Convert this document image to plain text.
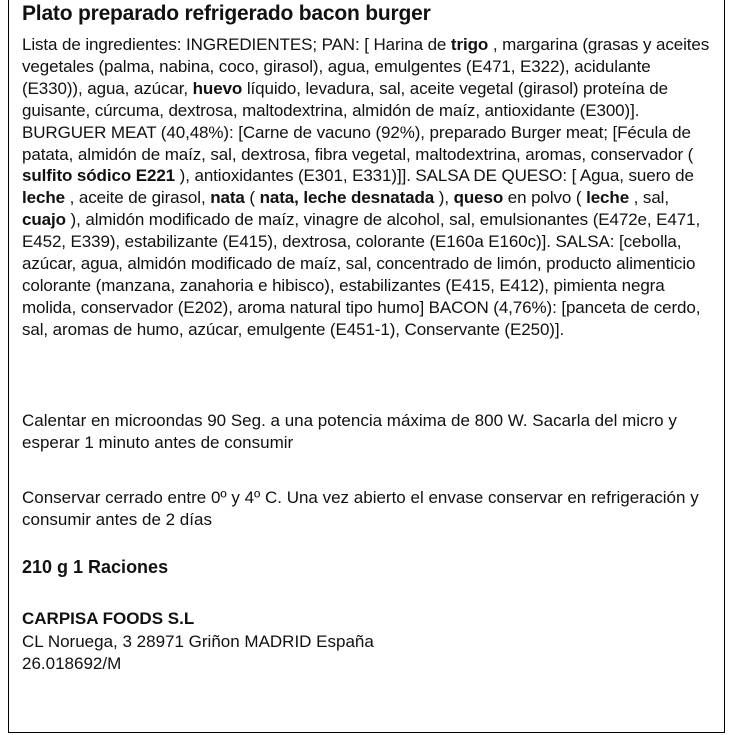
Plato preparado refrigerado bacon burger
Lista de ingredientes: INGREDIENTES; PAN: [ Harina de trigo , margarina (grasas y aceites vegetales (palma, nabina, coco, girasol), agua, emulgentes (E471, E322), acidulante (E330)), agua, azúcar, huevo líquido, levadura, sal, aceite vegetal (girasol) proteína de guisante, cúrcuma, dextrosa, maltodextrina, almidón de maíz, antioxidante (E300)]. BURGUER MEAT (40,48%): [Carne de vacuno (92%), preparado Burger meat; [Fécula de patata, almidón de maíz, sal, dextrosa, fibra vegetal, maltodextrina, aromas, conservador ( sulfito sódico E221 ), antioxidantes (E301, E331)]]. SALSA DE QUESO: [ Agua, suero de leche , aceite de girasol, nata ( nata, leche desnatada ), queso en polvo ( leche , sal, cuajo ), almidón modificado de maíz, vinagre de alcohol, sal, emulsionantes (E472e, E471, E452, E339), estabilizante (E415), dextrosa, colorante (E160a E160c)]. SALSA: [cebolla, azúcar, agua, almidón modificado de maíz, sal, concentrado de limón, producto alimenticio colorante (manzana, zanahoria e hibisco), estabilizantes (E415, E412), pimienta negra molida, conservador (E202), aroma natural tipo humo] BACON (4,76%): [panceta de cerdo, sal, aromas de humo, azúcar, emulgente (E451-1), Conservante (E250)].
Calentar en microondas 90 Seg. a una potencia máxima de 800 W. Sacarla del micro y esperar 1 minuto antes de consumir
Conservar cerrado entre 0º y 4º C. Una vez abierto el envase conservar en refrigeración y consumir antes de 2 días
210 g 1 Raciones
CARPISA FOODS S.L
CL Noruega, 3 28971 Griñon MADRID España
26.018692/M
